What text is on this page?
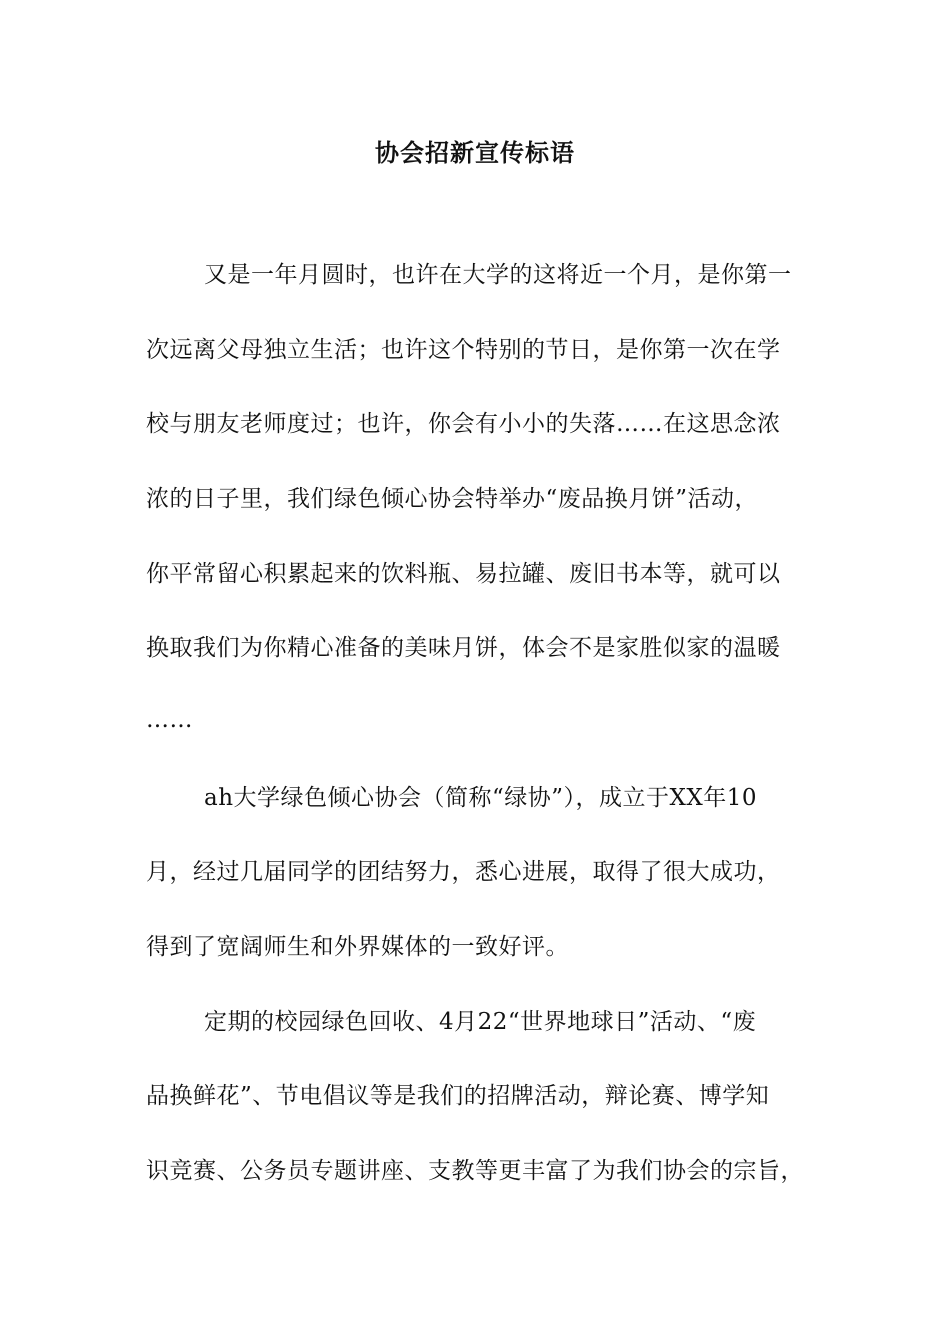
协会招新宣传标语
又是一年月圆时，也许在大学的这将近一个月，是你第一
次远离父母独立生活；也许这个特别的节日，是你第一次在学
校与朋友老师度过；也许，你会有小小的失落……在这思念浓
浓的日子里，我们绿色倾心协会特举办“废品换月饼”活动，
你平常留心积累起来的饮料瓶、易拉罐、废旧书本等，就可以
换取我们为你精心准备的美味月饼，体会不是家胜似家的温暖
……
ah大学绿色倾心协会（简称“绿协”），成立于XX年10
月，经过几届同学的团结努力，悉心进展，取得了很大成功，
得到了宽阔师生和外界媒体的一致好评。
定期的校园绿色回收、4月22“世界地球日”活动、“废
品换鲜花”、节电倡议等是我们的招牌活动，辩论赛、博学知
识竞赛、公务员专题讲座、支教等更丰富了为我们协会的宗旨，
